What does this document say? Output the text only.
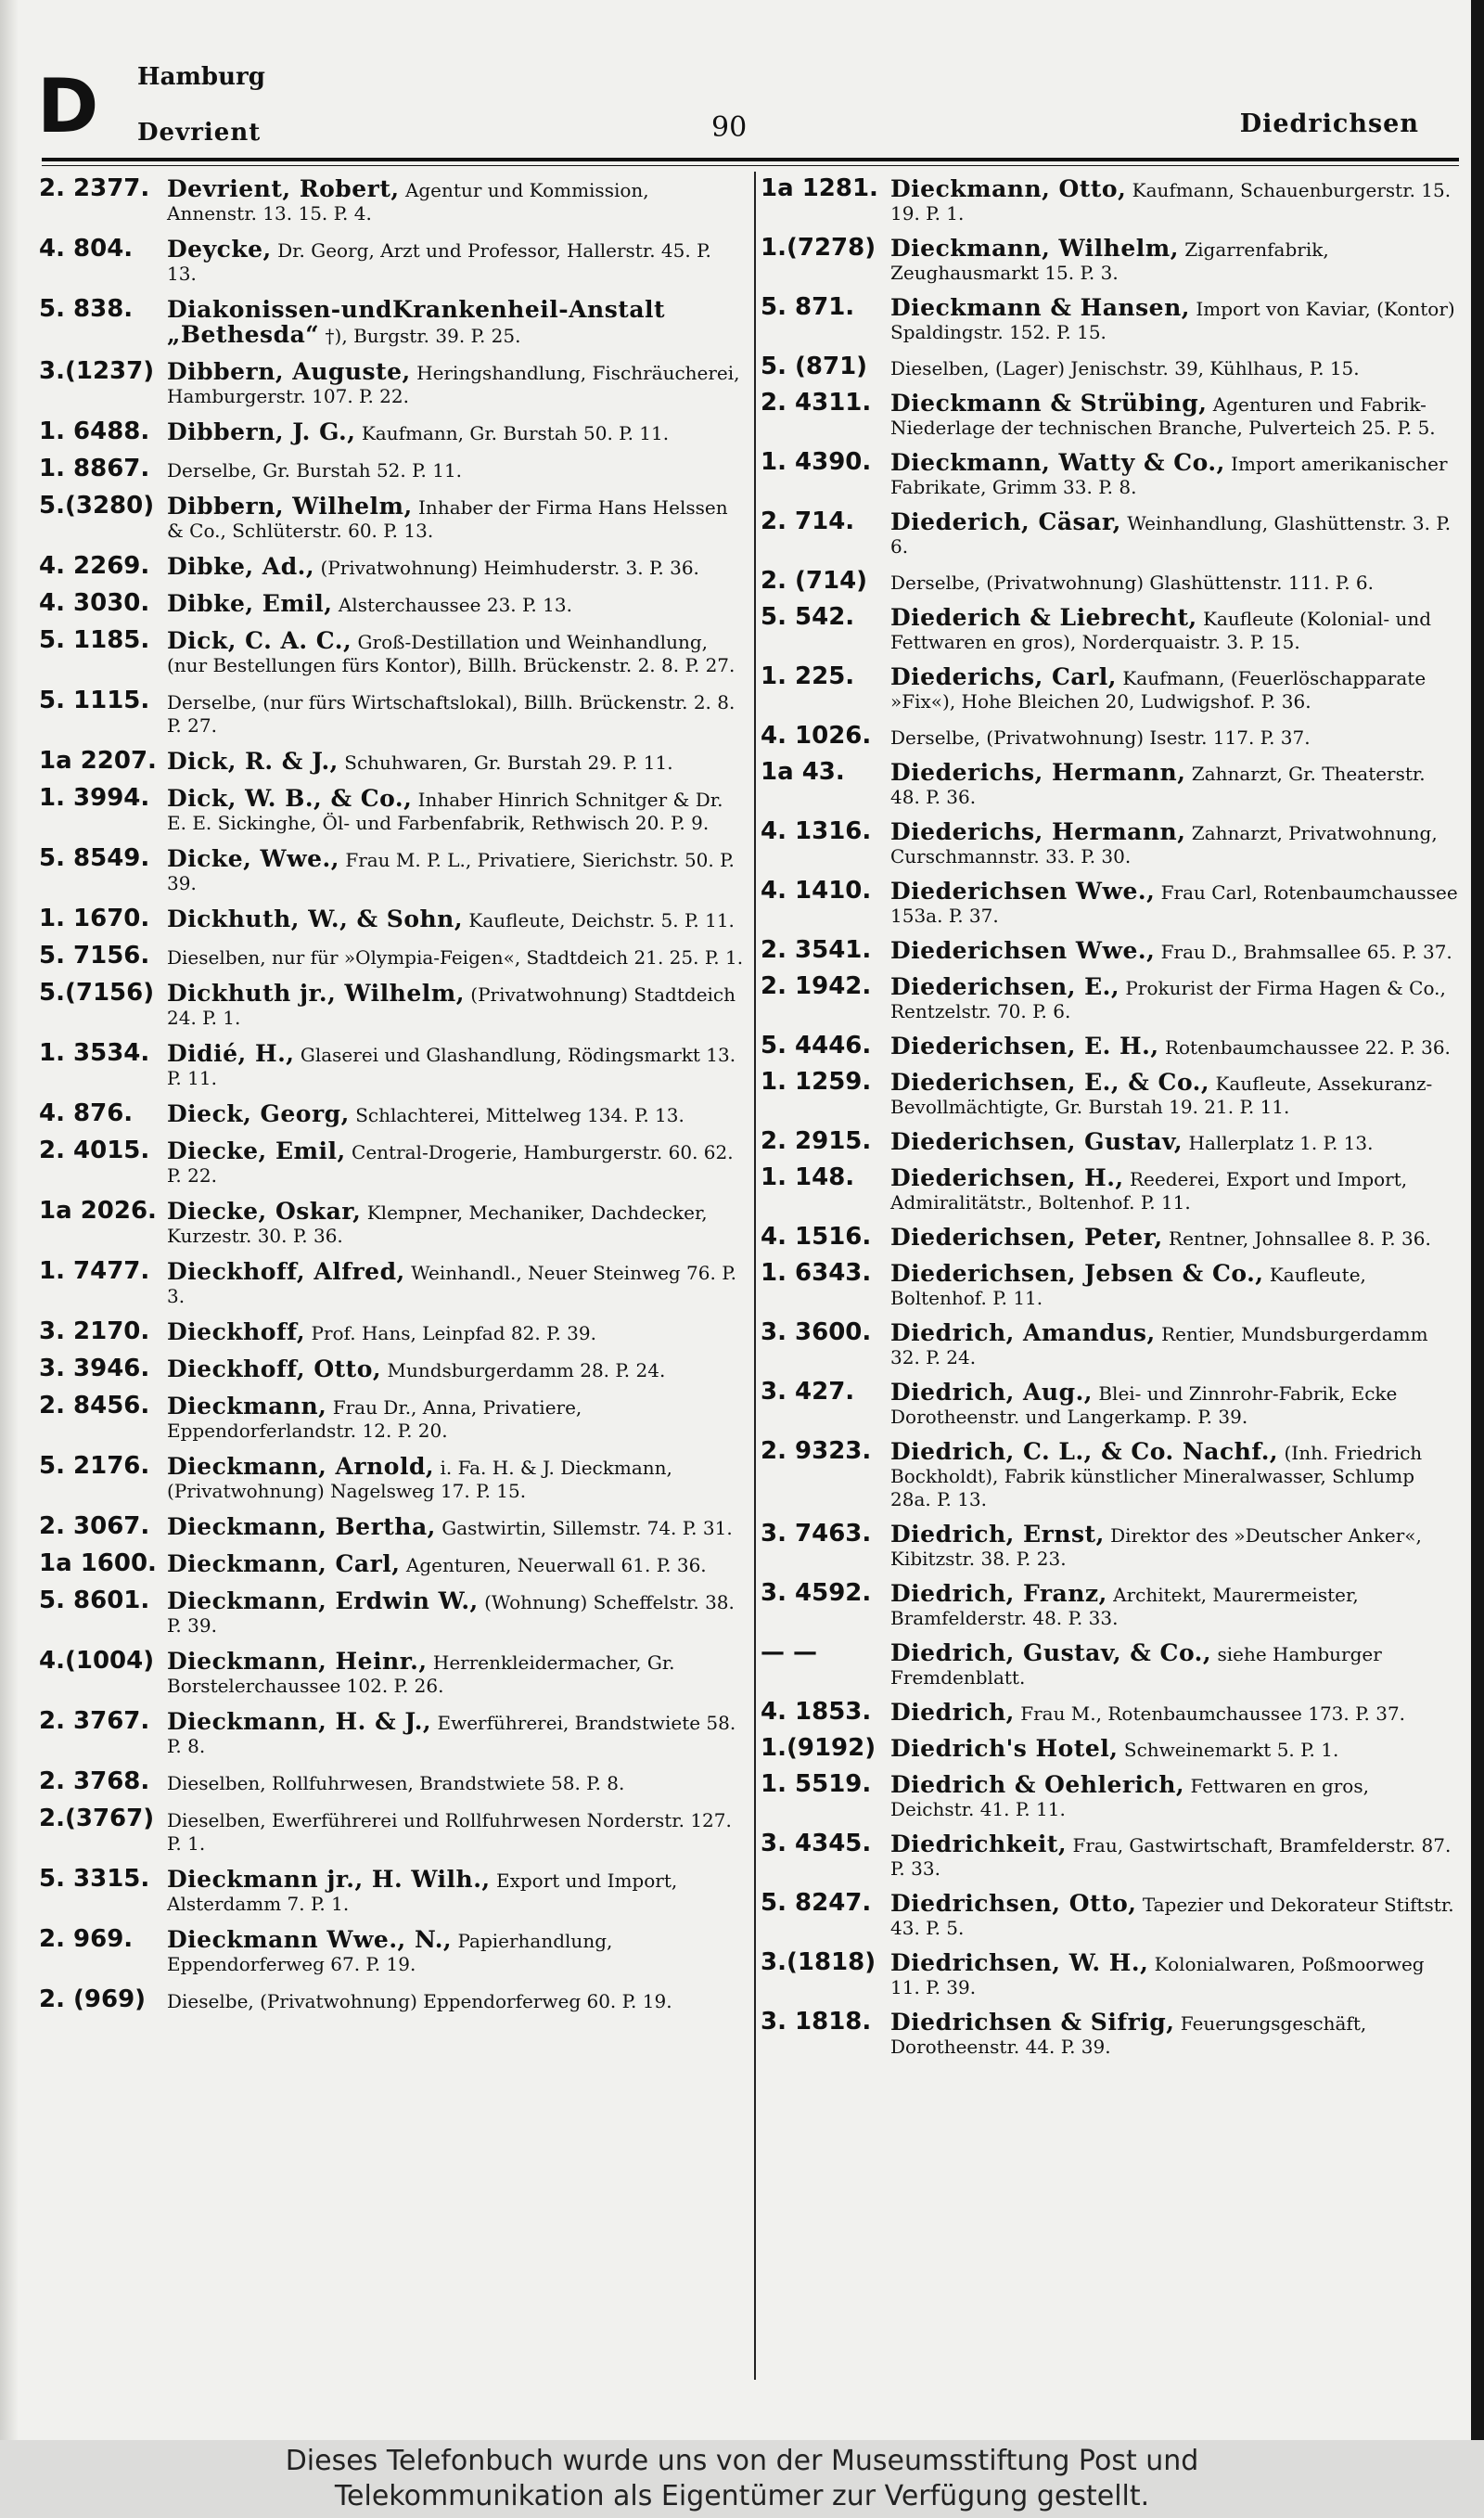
D Hamburg
Devrient	90	Diedrichsen
2. 2377. Devrient, Robert, Agentur und Kommission, Annenstr. 13. 15. P. 4.
4. 804.	Deycke, Dr. Georg, Arzt und Professor, Hallerstr. 45. P. 13.
5. 838.	Diakonissen-undKrankenheil-Anstalt „Bethesda“ †), Burgstr. 39. P. 25.
3.(1237) Dibbern, Auguste, Heringshandlung, Fischräucherei, Hamburgerstr. 107. P. 22.
1. 6488. Dibbern, J. G., Kaufmann, Gr. Burstah 50. P. 11.
1. 8867. Derselbe, Gr. Burstah 52. P. 11.
5.(3280) Dibbern, Wilhelm, Inhaber der Firma Hans Helssen & Co., Schlüterstr. 60. P. 13.
4. 2269. Dibke, Ad., (Privatwohnung) Heimhuderstr. 3. P. 36.
4. 3030. Dibke, Emil, Alsterchaussee 23. P. 13.
5. 1185. Dick, C. A. C., Groß-Destillation und Weinhandlung, (nur Bestellungen fürs Kontor), Billh. Brückenstr. 2. 8. P. 27.
5. 1115. Derselbe, (nur fürs Wirtschaftslokal), Billh. Brückenstr. 2. 8. P. 27.
1a 2207. Dick, R. & J., Schuhwaren, Gr. Burstah 29. P. 11.
1. 3994. Dick, W. B., & Co., Inhaber Hinrich Schnitger & Dr. E. E. Sickinghe, Öl- und Farbenfabrik, Rethwisch 20. P. 9.
5. 8549. Dicke, Wwe., Frau M. P. L., Privatiere, Sierichstr. 50. P. 39.
1. 1670. Dickhuth, W., & Sohn, Kaufleute, Deichstr. 5. P. 11.
5. 7156. Dieselben, nur für »Olympia-Feigen«, Stadtdeich 21. 25. P. 1.
5.(7156) Dickhuth jr., Wilhelm, (Privatwohnung) Stadtdeich 24. P. 1.
1. 3534. Didié, H., Glaserei und Glashandlung, Rödingsmarkt 13. P. 11.
4. 876.	Dieck, Georg, Schlachterei, Mittelweg 134. P. 13.
2. 4015. Diecke, Emil, Central-Drogerie, Hamburgerstr. 60. 62. P. 22.
1a 2026. Diecke, Oskar, Klempner, Mechaniker, Dachdecker, Kurzestr. 30. P. 36.
1. 7477. Dieckhoff, Alfred, Weinhandl., Neuer Steinweg 76. P. 3.
3. 2170. Dieckhoff, Prof. Hans, Leinpfad 82. P. 39.
3. 3946. Dieckhoff, Otto, Mundsburgerdamm 28. P. 24.
2. 8456. Dieckmann, Frau Dr., Anna, Privatiere, Eppendorferlandstr. 12. P. 20.
5. 2176. Dieckmann, Arnold, i. Fa. H. & J. Dieckmann, (Privatwohnung) Nagelsweg 17. P. 15.
2. 3067. Dieckmann, Bertha, Gastwirtin, Sillemstr. 74. P. 31.
1a 1600. Dieckmann, Carl, Agenturen, Neuerwall 61. P. 36.
5. 8601. Dieckmann, Erdwin W., (Wohnung) Scheffelstr. 38. P. 39.
4.(1004) Dieckmann, Heinr., Herrenkleidermacher, Gr. Borstelerchaussee 102. P. 26.
2. 3767. Dieckmann, H. & J., Ewerführerei, Brandstwiete 58. P. 8.
2. 3768. Dieselben, Rollfuhrwesen, Brandstwiete 58. P. 8.
2.(3767) Dieselben, Ewerführerei und Rollfuhrwesen Norderstr. 127. P. 1.
5. 3315. Dieckmann jr., H. Wilh., Export und Import, Alsterdamm 7. P. 1.
2. 969.	Dieckmann Wwe., N., Papierhandlung, Eppendorferweg 67. P. 19.
2. (969)	Dieselbe, (Privatwohnung) Eppendorferweg 60. P. 19.
1a 1281. Dieckmann, Otto, Kaufmann, Schauenburgerstr. 15. 19. P. 1.
1.(7278) Dieckmann, Wilhelm, Zigarrenfabrik, Zeughausmarkt 15. P. 3.
5. 871.	Dieckmann & Hansen, Import von Kaviar, (Kontor) Spaldingstr. 152. P. 15.
5. (871)	Dieselben, (Lager) Jenischstr. 39, Kühlhaus, P. 15.
2. 4311. Dieckmann & Strübing, Agenturen und Fabrik-Niederlage der technischen Branche, Pulverteich 25. P. 5.
1. 4390. Dieckmann, Watty & Co., Import amerikanischer Fabrikate, Grimm 33. P. 8.
2. 714.	Diederich, Cäsar, Weinhandlung, Glashüttenstr. 3. P. 6.
2. (714)	Derselbe, (Privatwohnung) Glashüttenstr. 111. P. 6.
5. 542.	Diederich & Liebrecht, Kaufleute (Kolonial- und Fettwaren en gros), Norderquaistr. 3. P. 15.
1. 225.	Diederichs, Carl, Kaufmann, (Feuerlöschapparate »Fix«), Hohe Bleichen 20, Ludwigshof. P. 36.
4. 1026.	Derselbe, (Privatwohnung) Isestr. 117. P. 37.
1a 43.	Diederichs, Hermann, Zahnarzt, Gr. Theaterstr. 48. P. 36.
4. 1316. Diederichs, Hermann, Zahnarzt, Privatwohnung, Curschmannstr. 33. P. 30.
4. 1410. Diederichsen Wwe., Frau Carl, Rotenbaumchaussee 153a. P. 37.
2. 3541. Diederichsen Wwe., Frau D., Brahmsallee 65. P. 37.
2. 1942. Diederichsen, E., Prokurist der Firma Hagen & Co., Rentzelstr. 70. P. 6.
5. 4446. Diederichsen, E. H., Rotenbaumchaussee 22. P. 36.
1. 1259. Diederichsen, E., & Co., Kaufleute, Assekuranz-Bevollmächtigte, Gr. Burstah 19. 21. P. 11.
2. 2915. Diederichsen, Gustav, Hallerplatz 1. P. 13.
1. 148.	Diederichsen, H., Reederei, Export und Import, Admiralitätstr., Boltenhof. P. 11.
4. 1516. Diederichsen, Peter, Rentner, Johnsallee 8. P. 36.
1. 6343. Diederichsen, Jebsen & Co., Kaufleute, Boltenhof. P. 11.
3. 3600. Diedrich, Amandus, Rentier, Mundsburgerdamm 32. P. 24.
3. 427.	Diedrich, Aug., Blei- und Zinnrohr-Fabrik, Ecke Dorotheenstr. und Langerkamp. P. 39.
2. 9323. Diedrich, C. L., & Co. Nachf., (Inh. Friedrich Bockholdt), Fabrik künstlicher Mineralwasser, Schlump 28a. P. 13.
3. 7463. Diedrich, Ernst, Direktor des »Deutscher Anker«, Kibitzstr. 38. P. 23.
3. 4592. Diedrich, Franz, Architekt, Maurermeister, Bramfelderstr. 48. P. 33.
— —	Diedrich, Gustav, & Co., siehe Hamburger Fremdenblatt.
4. 1853. Diedrich, Frau M., Rotenbaumchaussee 173. P. 37.
1.(9192) Diedrich's Hotel, Schweinemarkt 5. P. 1.
1. 5519. Diedrich & Oehlerich, Fettwaren en gros, Deichstr. 41. P. 11.
3. 4345. Diedrichkeit, Frau, Gastwirtschaft, Bramfelderstr. 87. P. 33.
5. 8247. Diedrichsen, Otto, Tapezier und Dekorateur Stiftstr. 43. P. 5.
3.(1818) Diedrichsen, W. H., Kolonialwaren, Poßmoorweg 11. P. 39.
3. 1818. Diedrichsen & Sifrig, Feuerungsgeschäft, Dorotheenstr. 44. P. 39.
Dieses Telefonbuch wurde uns von der Museumsstiftung Post und
Telekommunikation als Eigentümer zur Verfügung gestellt.
